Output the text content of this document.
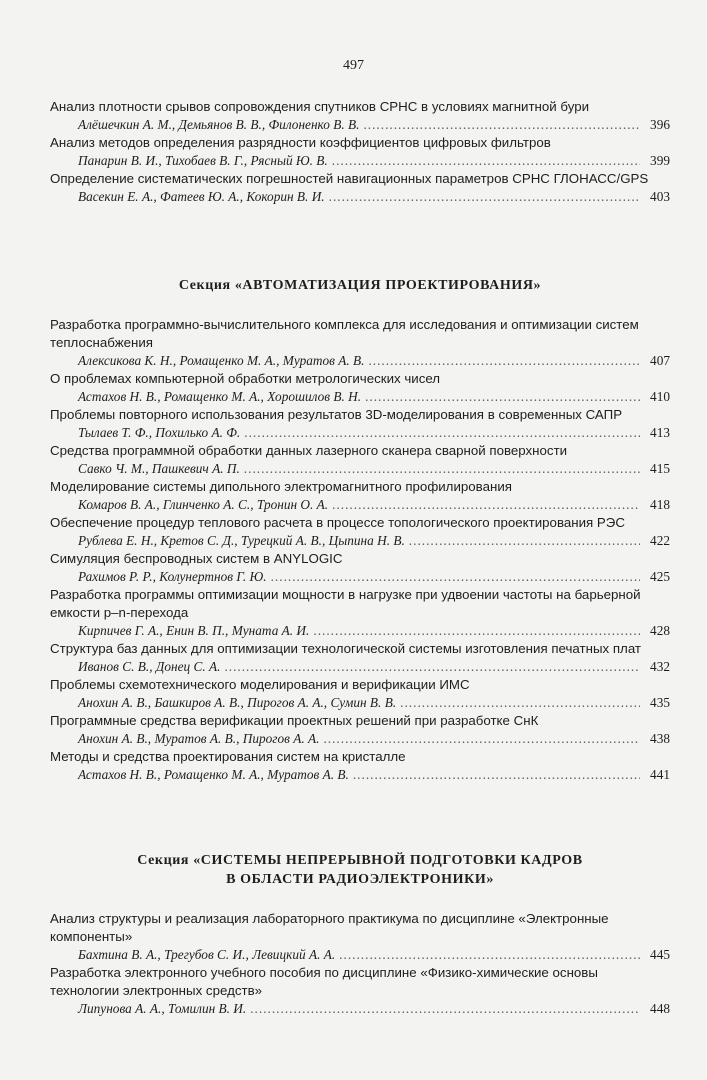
497
Анализ плотности срывов сопровождения спутников СРНС в условиях магнитной бури
Алёшечкин А. М., Демьянов В. В., Филоненко В. В. .....	396
Анализ методов определения разрядности коэффициентов цифровых фильтров
Панарин В. И., Тихобаев В. Г., Рясный Ю. В. .....	399
Определение систематических погрешностей навигационных параметров СРНС ГЛОНАСС/GPS
Васекин Е. А., Фатеев Ю. А., Кокорин В. И. .....	403
Секция «АВТОМАТИЗАЦИЯ ПРОЕКТИРОВАНИЯ»
Разработка программно-вычислительного комплекса для исследования и оптимизации систем теплоснабжения
Алексикова К. Н., Ромащенко М. А., Муратов А. В. .....	407
О проблемах компьютерной обработки метрологических чисел
Астахов Н. В., Ромащенко М. А., Хорошилов В. Н. .....	410
Проблемы повторного использования результатов 3D-моделирования в современных САПР
Тылаев Т. Ф., Похилько А. Ф. .....	413
Средства программной обработки данных лазерного сканера сварной поверхности
Савко Ч. М., Пашкевич А. П. .....	415
Моделирование системы дипольного электромагнитного профилирования
Комаров В. А., Глинченко А. С., Тронин О. А. .....	418
Обеспечение процедур теплового расчета в процессе топологического проектирования РЭС
Рублева Е. Н., Кретов С. Д., Турецкий А. В., Цыпина Н. В. .....	422
Симуляция беспроводных систем в ANYLOGIC
Рахимов Р. Р., Колунертнов Г. Ю. .....	425
Разработка программы оптимизации мощности в нагрузке при удвоении частоты на барьерной емкости p–n-перехода
Кирпичев Г. А., Енин В. П., Муната А. И. .....	428
Структура баз данных для оптимизации технологической системы изготовления печатных плат
Иванов С. В., Донец С. А. .....	432
Проблемы схемотехнического моделирования и верификации ИМС
Анохин А. В., Башкиров А. В., Пирогов А. А., Сумин В. В. .....	435
Программные средства верификации проектных решений при разработке СнК
Анохин А. В., Муратов А. В., Пирогов А. А. .....	438
Методы и средства проектирования систем на кристалле
Астахов Н. В., Ромащенко М. А., Муратов А. В. .....	441
Секция «СИСТЕМЫ НЕПРЕРЫВНОЙ ПОДГОТОВКИ КАДРОВ
В ОБЛАСТИ РАДИОЭЛЕКТРОНИКИ»
Анализ структуры и реализация лабораторного практикума по дисциплине «Электронные компоненты»
Бахтина В. А., Трегубов С. И., Левицкий А. А. .....	445
Разработка электронного учебного пособия по дисциплине «Физико-химические основы технологии электронных средств»
Липунова А. А., Томилин В. И. .....	448
